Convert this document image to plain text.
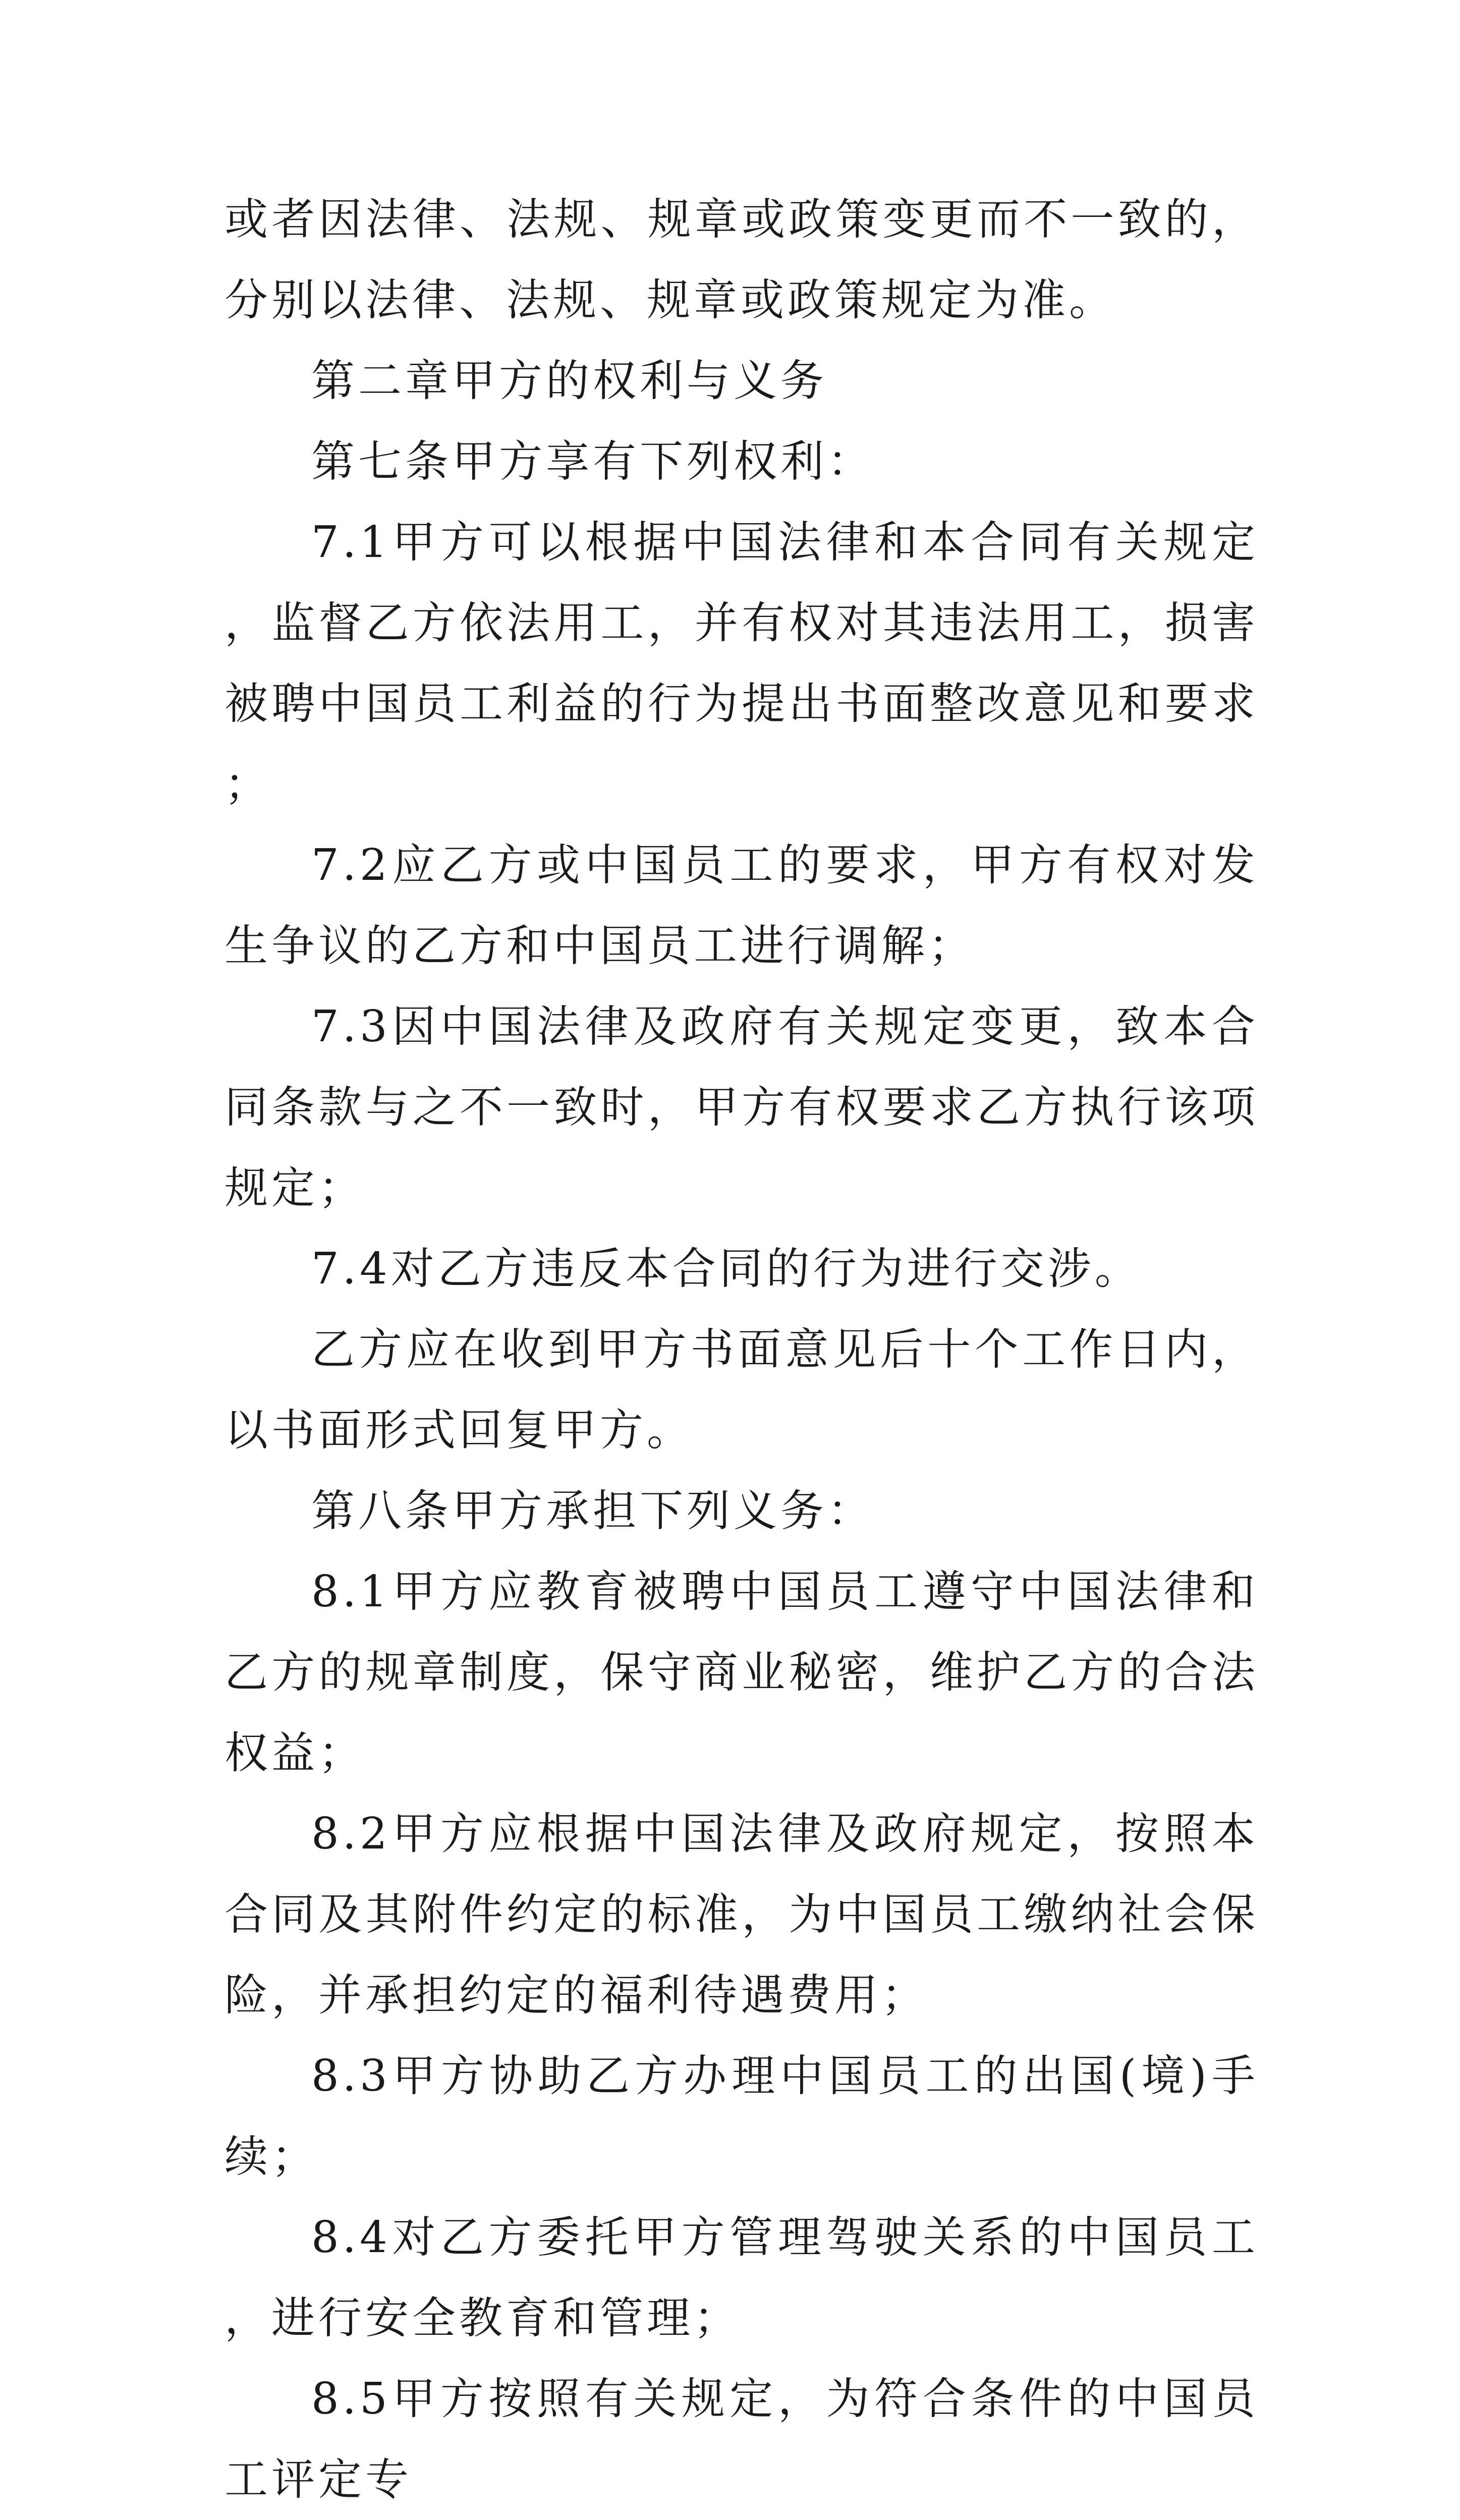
或者因法律、法规、规章或政策变更而不一致的，分别以法律、法规、规章或政策规定为准。

第二章甲方的权利与义务

第七条甲方享有下列权利：

7.1甲方可以根据中国法律和本合同有关规定，监督乙方依法用工，并有权对其违法用工，损害被聘中国员工利益的行为提出书面整改意见和要求；

7.2应乙方或中国员工的要求，甲方有权对发生争议的乙方和中国员工进行调解；

7.3因中国法律及政府有关规定变更，致本合同条款与之不一致时，甲方有权要求乙方执行该项规定；

7.4对乙方违反本合同的行为进行交涉。

乙方应在收到甲方书面意见后十个工作日内，以书面形式回复甲方。

第八条甲方承担下列义务：

8.1甲方应教育被聘中国员工遵守中国法律和乙方的规章制度，保守商业秘密，维护乙方的合法权益；

8.2甲方应根据中国法律及政府规定，按照本合同及其附件约定的标准，为中国员工缴纳社会保险，并承担约定的福利待遇费用；

8.3甲方协助乙方办理中国员工的出国(境)手续；

8.4对乙方委托甲方管理驾驶关系的中国员工，进行安全教育和管理；

8.5甲方按照有关规定，为符合条件的中国员工评定专
